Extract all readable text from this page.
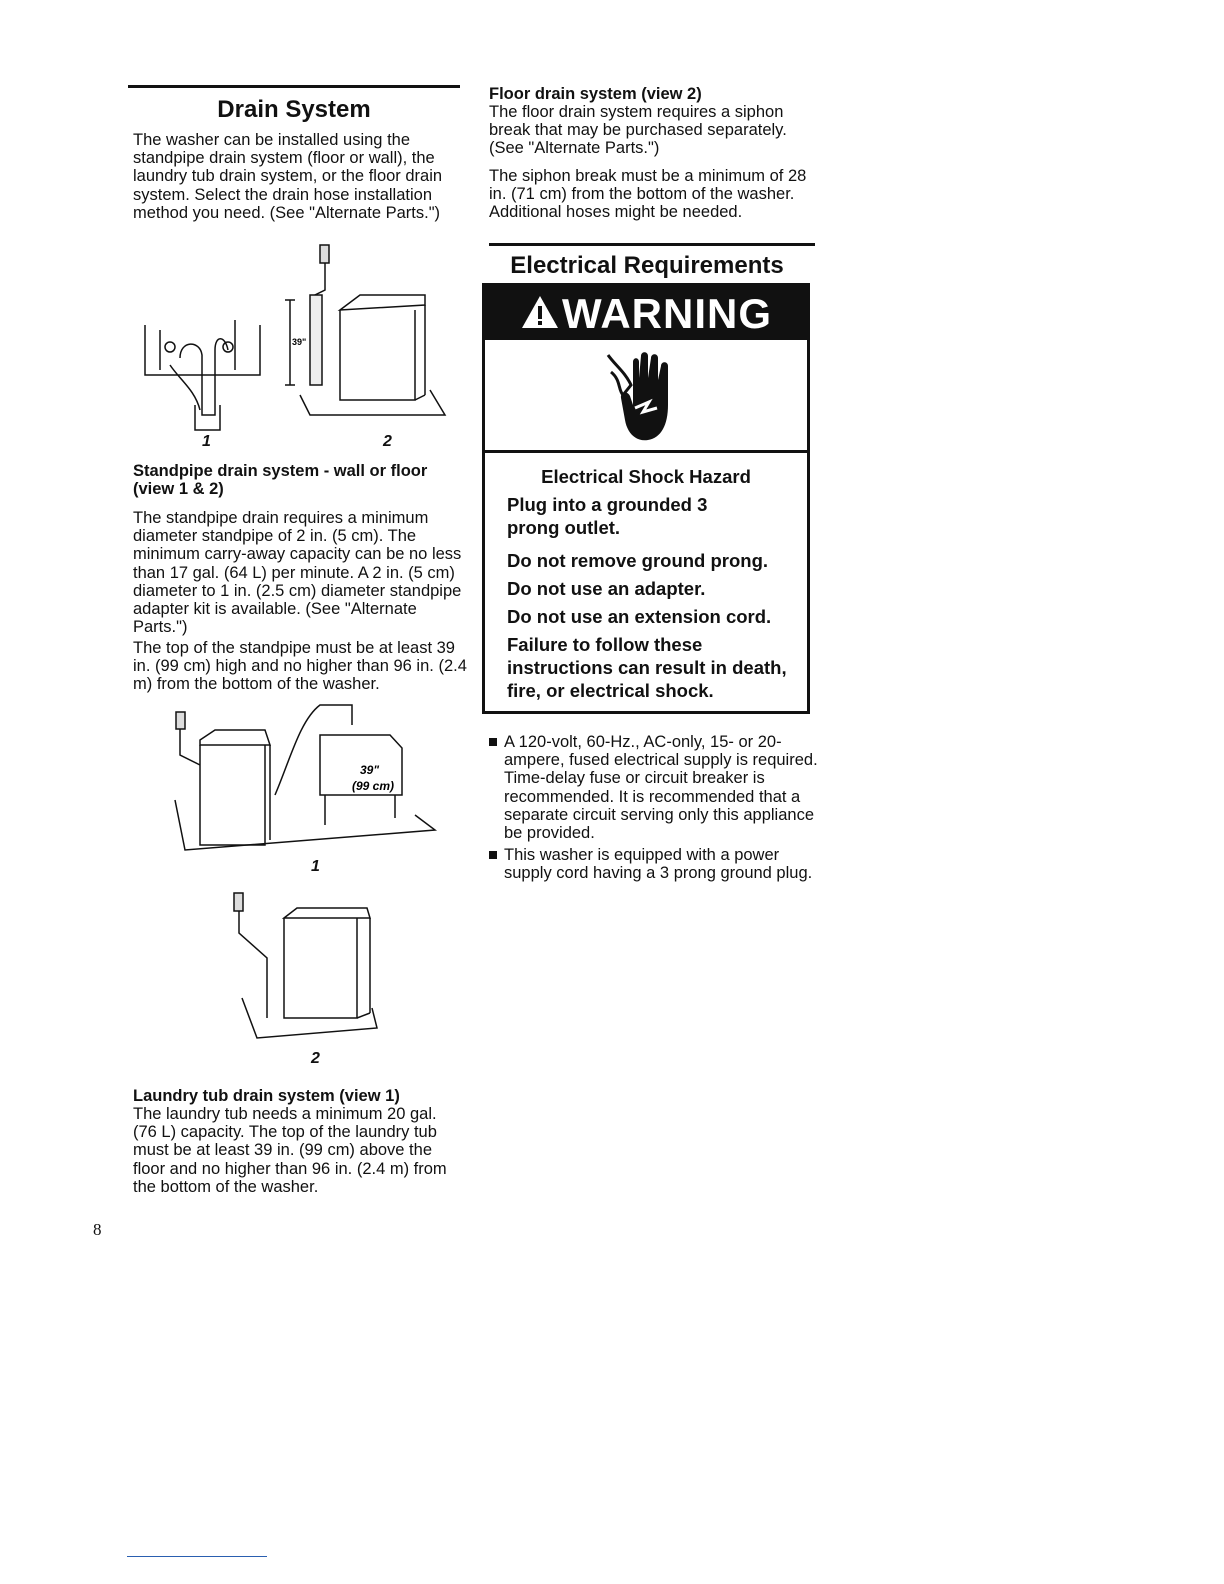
Drain System
The washer can be installed using the standpipe drain system (floor or wall), the laundry tub drain system, or the floor drain system. Select the drain hose installation method you need. (See "Alternate Parts.")
39"
1	2
Standpipe drain system - wall or floor (view 1 & 2)
The standpipe drain requires a minimum diameter standpipe of 2 in. (5 cm). The minimum carry-away capacity can be no less than 17 gal. (64 L) per minute. A 2 in. (5 cm) diameter to 1 in. (2.5 cm) diameter standpipe adapter kit is available. (See "Alternate Parts.")
The top of the standpipe must be at least 39 in. (99 cm) high and no higher than 96 in. (2.4 m) from the bottom of the washer.
39"
(99 cm)
1
2
Laundry tub drain system (view 1)
The laundry tub needs a minimum 20 gal. (76 L) capacity. The top of the laundry tub must be at least 39 in. (99 cm) above the floor and no higher than 96 in. (2.4 m) from the bottom of the washer.
Floor drain system (view 2)
The floor drain system requires a siphon break that may be purchased separately. (See "Alternate Parts.")
The siphon break must be a minimum of 28 in. (71 cm) from the bottom of the washer. Additional hoses might be needed.
Electrical Requirements
WARNING
Electrical Shock Hazard
Plug into a grounded 3 prong outlet.
Do not remove ground prong.
Do not use an adapter.
Do not use an extension cord.
Failure to follow these instructions can result in death, fire, or electrical shock.
A 120-volt, 60-Hz., AC-only, 15- or 20-ampere, fused electrical supply is required. Time-delay fuse or circuit breaker is recommended. It is recommended that a separate circuit serving only this appliance be provided.
This washer is equipped with a power supply cord having a 3 prong ground plug.
8
